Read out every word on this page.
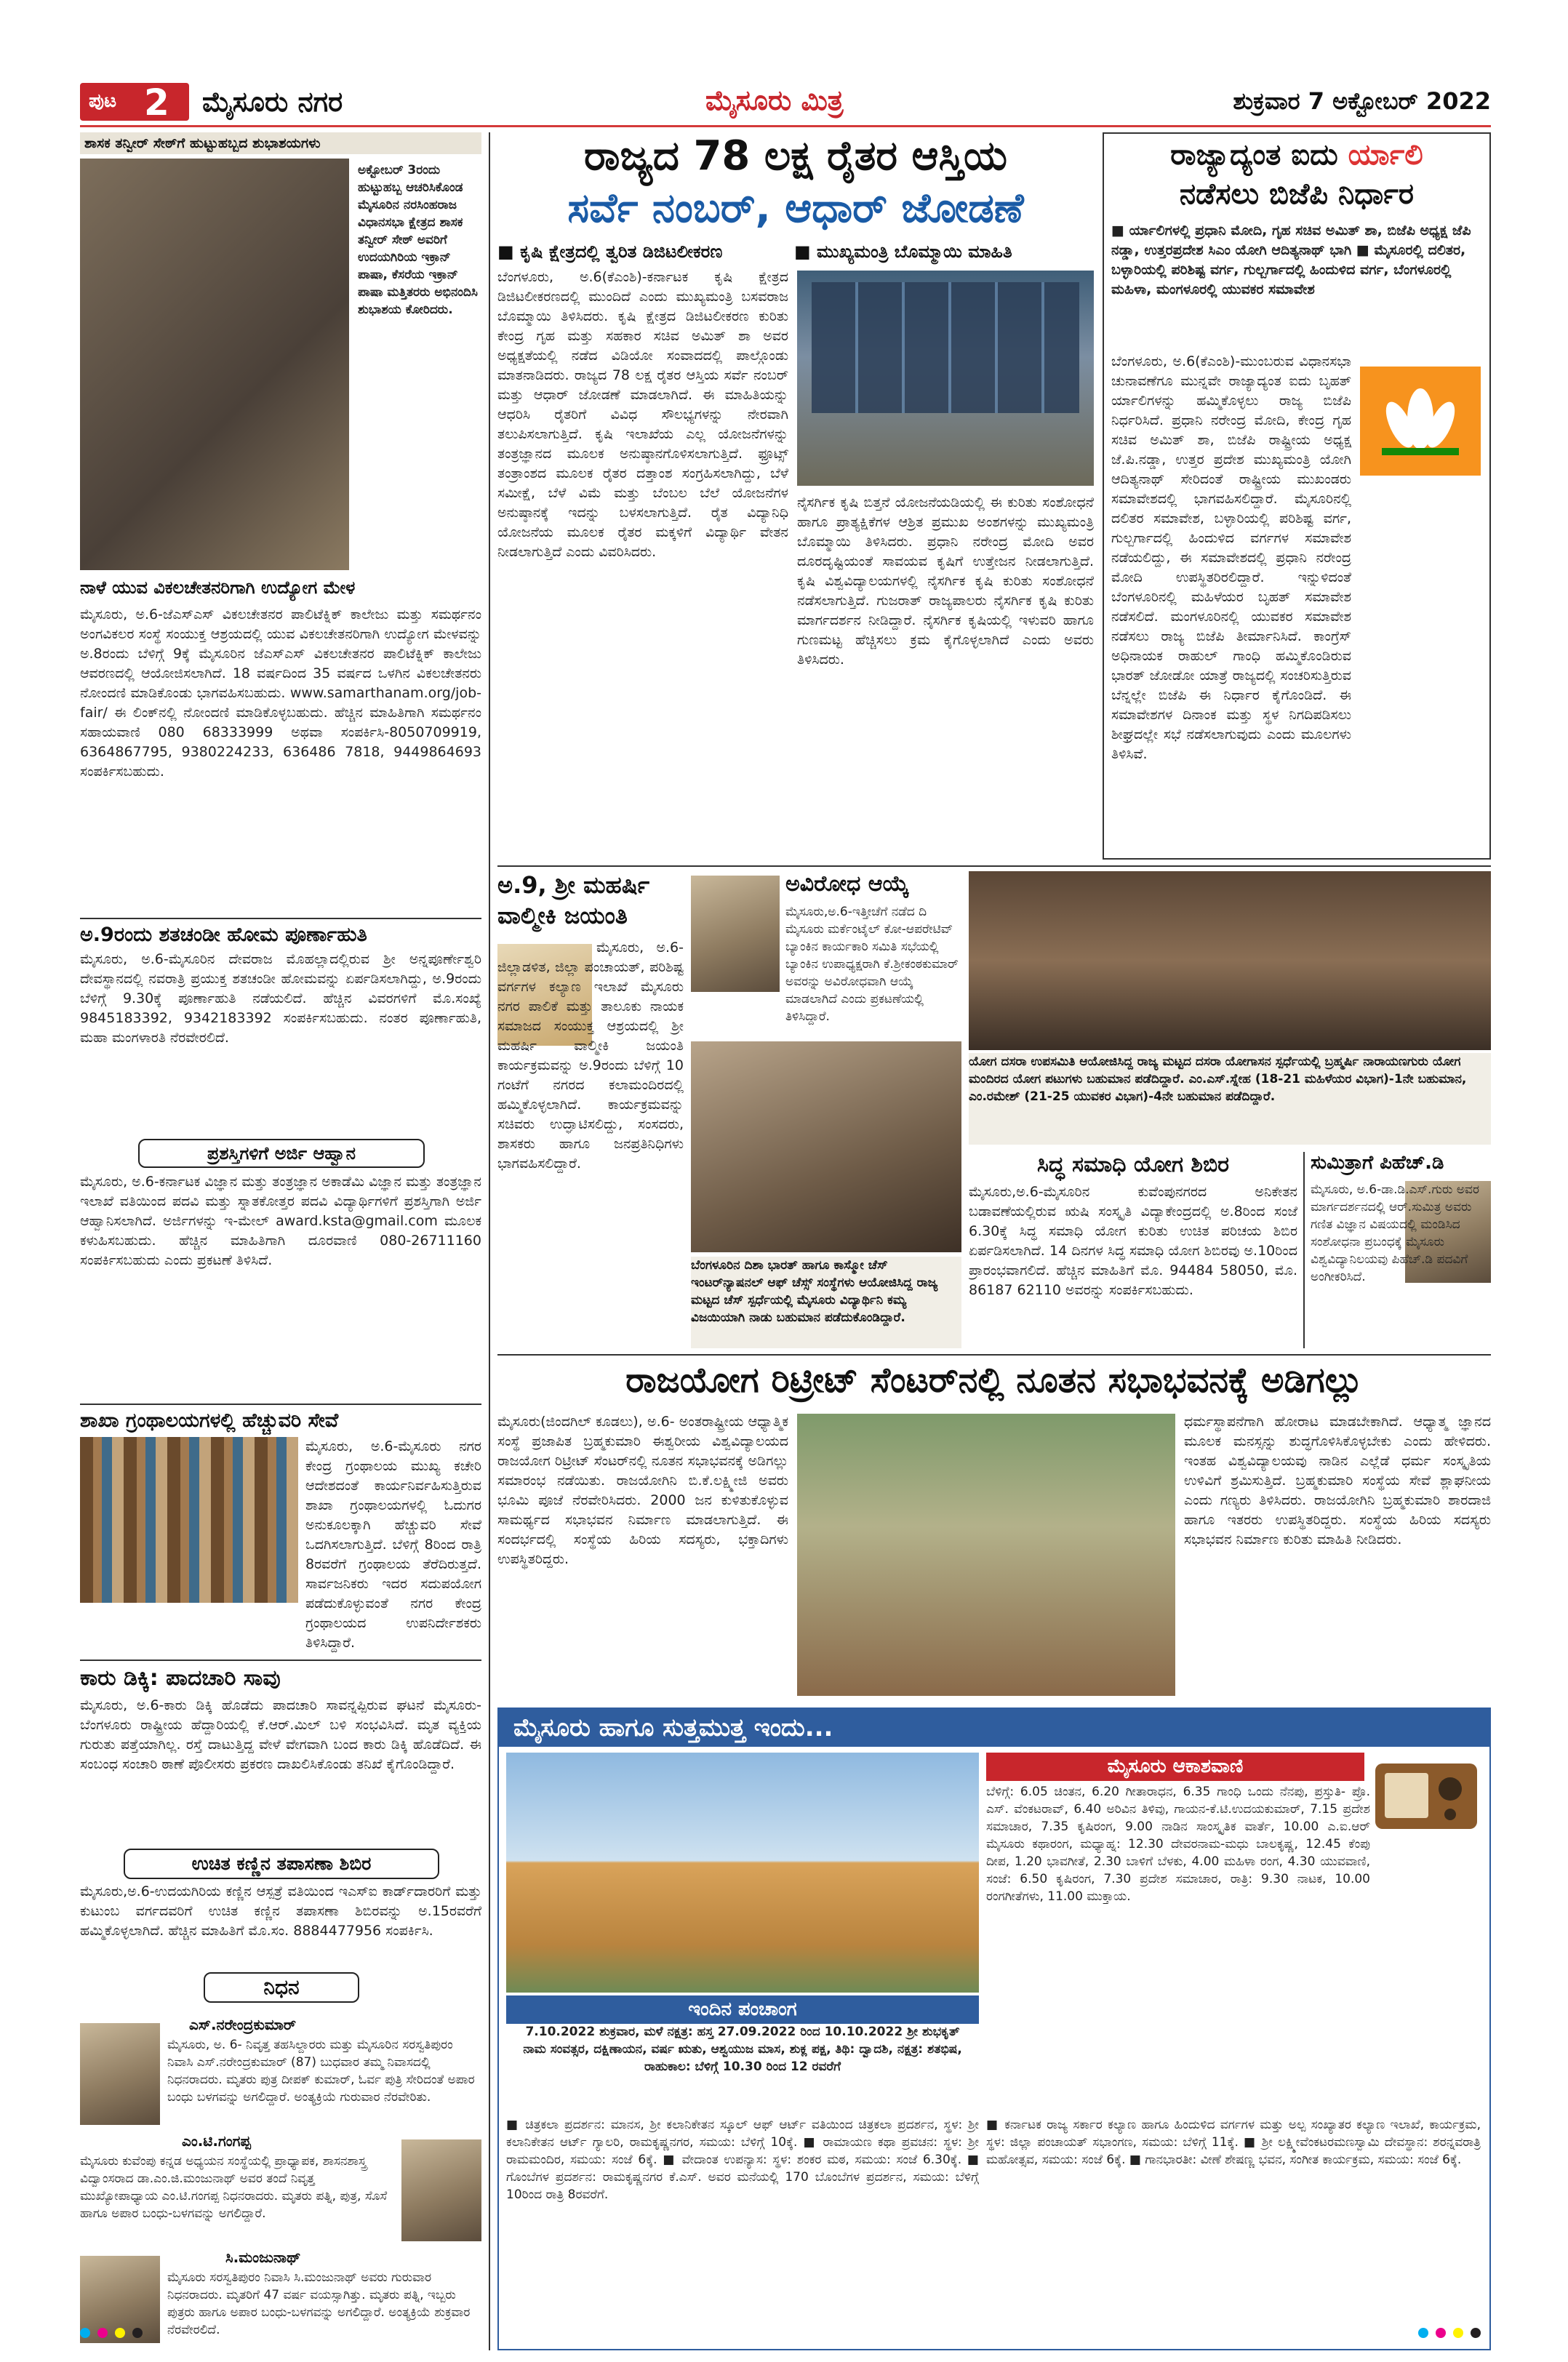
ಪುಟ 2 ಮೈಸೂರು ನಗರ	ಮೈಸೂರು ಮಿತ್ರ	ಶುಕ್ರವಾರ 7 ಅಕ್ಟೋಬರ್ 2022
ಶಾಸಕ ತನ್ವೀರ್ ಸೇಠ್‌ಗೆ ಹುಟ್ಟುಹಬ್ಬದ ಶುಭಾಶಯಗಳು
ಅಕ್ಟೋಬರ್ 3ರಂದು ಹುಟ್ಟುಹಬ್ಬ ಆಚರಿಸಿಕೊಂಡ ಮೈಸೂರಿನ ನರಸಿಂಹರಾಜ ವಿಧಾನಸಭಾ ಕ್ಷೇತ್ರದ ಶಾಸಕ ತನ್ವೀರ್ ಸೇಠ್ ಅವರಿಗೆ ಉದಯಗಿರಿಯ ಇಕ್ರಾನ್ ಪಾಷಾ, ಕೆಸರೆಯ ಇಕ್ರಾನ್ ಪಾಷಾ ಮತ್ತಿತರರು ಅಭಿನಂದಿಸಿ ಶುಭಾಶಯ ಕೋರಿದರು.
ನಾಳೆ ಯುವ ವಿಕಲಚೇತನರಿಗಾಗಿ ಉದ್ಯೋಗ ಮೇಳ
ಮೈಸೂರು, ಅ.6-ಜೆಎಸ್‌ಎಸ್ ವಿಕಲಚೇತನರ ಪಾಲಿಟೆಕ್ನಿಕ್ ಕಾಲೇಜು ಮತ್ತು ಸಮರ್ಥನಂ ಅಂಗವಿಕಲರ ಸಂಸ್ಥೆ ಸಂಯುಕ್ತ ಆಶ್ರಯದಲ್ಲಿ ಯುವ ವಿಕಲಚೇತನರಿಗಾಗಿ ಉದ್ಯೋಗ ಮೇಳವನ್ನು ಅ.8ರಂದು ಬೆಳಿಗ್ಗೆ 9ಕ್ಕೆ ಮೈಸೂರಿನ ಜೆಎಸ್‌ಎಸ್ ವಿಕಲಚೇತನರ ಪಾಲಿಟೆಕ್ನಿಕ್ ಕಾಲೇಜು ಆವರಣದಲ್ಲಿ ಆಯೋಜಿಸಲಾಗಿದೆ. 18 ವರ್ಷದಿಂದ 35 ವರ್ಷದ ಒಳಗಿನ ವಿಕಲಚೇತನರು ನೋಂದಣಿ ಮಾಡಿಕೊಂಡು ಭಾಗವಹಿಸಬಹುದು. www.samarthanam.org/job-fair/ ಈ ಲಿಂಕ್‌ನಲ್ಲಿ ನೋಂದಣಿ ಮಾಡಿಕೊಳ್ಳಬಹುದು. ಹೆಚ್ಚಿನ ಮಾಹಿತಿಗಾಗಿ ಸಮರ್ಥನಂ ಸಹಾಯವಾಣಿ 080 68333999 ಅಥವಾ ಸಂಪರ್ಕಿಸಿ-8050709919, 6364867795, 9380224233, 636486 7818, 9449864693 ಸಂಪರ್ಕಿಸಬಹುದು.
ಅ.9ರಂದು ಶತಚಂಡೀ ಹೋಮ ಪೂರ್ಣಾಹುತಿ
ಮೈಸೂರು, ಅ.6-ಮೈಸೂರಿನ ದೇವರಾಜ ಮೊಹಲ್ಲಾದಲ್ಲಿರುವ ಶ್ರೀ ಅನ್ನಪೂರ್ಣೇಶ್ವರಿ ದೇವಸ್ಥಾನದಲ್ಲಿ ನವರಾತ್ರಿ ಪ್ರಯುಕ್ತ ಶತಚಂಡೀ ಹೋಮವನ್ನು ಏರ್ಪಡಿಸಲಾಗಿದ್ದು, ಅ.9ರಂದು ಬೆಳಿಗ್ಗೆ 9.30ಕ್ಕೆ ಪೂರ್ಣಾಹುತಿ ನಡೆಯಲಿದೆ. ಹೆಚ್ಚಿನ ವಿವರಗಳಿಗೆ ಮೊ.ಸಂಖ್ಯೆ 9845183392, 9342183392 ಸಂಪರ್ಕಿಸಬಹುದು. ನಂತರ ಪೂರ್ಣಾಹುತಿ, ಮಹಾ ಮಂಗಳಾರತಿ ನೆರವೇರಲಿದೆ.
ಪ್ರಶಸ್ತಿಗಳಿಗೆ ಅರ್ಜಿ ಆಹ್ವಾನ
ಮೈಸೂರು, ಅ.6-ಕರ್ನಾಟಕ ವಿಜ್ಞಾನ ಮತ್ತು ತಂತ್ರಜ್ಞಾನ ಅಕಾಡೆಮಿ ವಿಜ್ಞಾನ ಮತ್ತು ತಂತ್ರಜ್ಞಾನ ಇಲಾಖೆ ವತಿಯಿಂದ ಪದವಿ ಮತ್ತು ಸ್ನಾತಕೋತ್ತರ ಪದವಿ ವಿದ್ಯಾರ್ಥಿಗಳಿಗೆ ಪ್ರಶಸ್ತಿಗಾಗಿ ಅರ್ಜಿ ಆಹ್ವಾನಿಸಲಾಗಿದೆ. ಅರ್ಜಿಗಳನ್ನು ಇ-ಮೇಲ್ award.ksta@gmail.com ಮೂಲಕ ಕಳುಹಿಸಬಹುದು. ಹೆಚ್ಚಿನ ಮಾಹಿತಿಗಾಗಿ ದೂರವಾಣಿ 080-26711160 ಸಂಪರ್ಕಿಸಬಹುದು ಎಂದು ಪ್ರಕಟಣೆ ತಿಳಿಸಿದೆ.
ಶಾಖಾ ಗ್ರಂಥಾಲಯಗಳಲ್ಲಿ ಹೆಚ್ಚುವರಿ ಸೇವೆ
ಮೈಸೂರು, ಅ.6-ಮೈಸೂರು ನಗರ ಕೇಂದ್ರ ಗ್ರಂಥಾಲಯ ಮುಖ್ಯ ಕಚೇರಿ ಆದೇಶದಂತೆ ಕಾರ್ಯನಿರ್ವಹಿಸುತ್ತಿರುವ ಶಾಖಾ ಗ್ರಂಥಾಲಯಗಳಲ್ಲಿ ಓದುಗರ ಅನುಕೂಲಕ್ಕಾಗಿ ಹೆಚ್ಚುವರಿ ಸೇವೆ ಒದಗಿಸಲಾಗುತ್ತಿದೆ. ಬೆಳಿಗ್ಗೆ 8ರಿಂದ ರಾತ್ರಿ 8ರವರೆಗೆ ಗ್ರಂಥಾಲಯ ತೆರೆದಿರುತ್ತದೆ. ಸಾರ್ವಜನಿಕರು ಇದರ ಸದುಪಯೋಗ ಪಡೆದುಕೊಳ್ಳುವಂತೆ ನಗರ ಕೇಂದ್ರ ಗ್ರಂಥಾಲಯದ ಉಪನಿರ್ದೇಶಕರು ತಿಳಿಸಿದ್ದಾರೆ.
ಕಾರು ಡಿಕ್ಕಿ: ಪಾದಚಾರಿ ಸಾವು
ಮೈಸೂರು, ಅ.6-ಕಾರು ಡಿಕ್ಕಿ ಹೊಡೆದು ಪಾದಚಾರಿ ಸಾವನ್ನಪ್ಪಿರುವ ಘಟನೆ ಮೈಸೂರು-ಬೆಂಗಳೂರು ರಾಷ್ಟ್ರೀಯ ಹೆದ್ದಾರಿಯಲ್ಲಿ ಕೆ.ಆರ್.ಮಿಲ್ ಬಳಿ ಸಂಭವಿಸಿದೆ. ಮೃತ ವ್ಯಕ್ತಿಯ ಗುರುತು ಪತ್ತೆಯಾಗಿಲ್ಲ. ರಸ್ತೆ ದಾಟುತ್ತಿದ್ದ ವೇಳೆ ವೇಗವಾಗಿ ಬಂದ ಕಾರು ಡಿಕ್ಕಿ ಹೊಡೆದಿದೆ. ಈ ಸಂಬಂಧ ಸಂಚಾರಿ ಠಾಣೆ ಪೊಲೀಸರು ಪ್ರಕರಣ ದಾಖಲಿಸಿಕೊಂಡು ತನಿಖೆ ಕೈಗೊಂಡಿದ್ದಾರೆ.
ಉಚಿತ ಕಣ್ಣಿನ ತಪಾಸಣಾ ಶಿಬಿರ
ಮೈಸೂರು,ಅ.6-ಉದಯಗಿರಿಯ ಕಣ್ಣಿನ ಆಸ್ಪತ್ರೆ ವತಿಯಿಂದ ಇಎಸ್‌ಐ ಕಾರ್ಡ್‌ದಾರರಿಗೆ ಮತ್ತು ಕುಟುಂಬ ವರ್ಗದವರಿಗೆ ಉಚಿತ ಕಣ್ಣಿನ ತಪಾಸಣಾ ಶಿಬಿರವನ್ನು ಅ.15ರವರೆಗೆ ಹಮ್ಮಿಕೊಳ್ಳಲಾಗಿದೆ. ಹೆಚ್ಚಿನ ಮಾಹಿತಿಗೆ ಮೊ.ಸಂ. 8884477956 ಸಂಪರ್ಕಿಸಿ.
ನಿಧನ
ಎಸ್.ನರೇಂದ್ರಕುಮಾರ್
ಮೈಸೂರು, ಅ. 6- ನಿವೃತ್ತ ತಹಸಿಲ್ದಾರರು ಮತ್ತು ಮೈಸೂರಿನ ಸರಸ್ವತಿಪುರಂ ನಿವಾಸಿ ಎಸ್.ನರೇಂದ್ರಕುಮಾರ್ (87) ಬುಧವಾರ ತಮ್ಮ ನಿವಾಸದಲ್ಲಿ ನಿಧನರಾದರು. ಮೃತರು ಪುತ್ರ ದೀಪಕ್ ಕುಮಾರ್, ಓರ್ವ ಪುತ್ರಿ ಸೇರಿದಂತೆ ಅಪಾರ ಬಂಧು ಬಳಗವನ್ನು ಅಗಲಿದ್ದಾರೆ. ಅಂತ್ಯಕ್ರಿಯೆ ಗುರುವಾರ ನೆರವೇರಿತು.
ಎಂ.ಟಿ.ಗಂಗಪ್ಪ
ಮೈಸೂರು ಕುವೆಂಪು ಕನ್ನಡ ಅಧ್ಯಯನ ಸಂಸ್ಥೆಯಲ್ಲಿ ಪ್ರಾಧ್ಯಾಪಕ, ಶಾಸನಶಾಸ್ತ್ರ ವಿದ್ವಾಂಸರಾದ ಡಾ.ಎಂ.ಜಿ.ಮಂಜುನಾಥ್ ಅವರ ತಂದೆ ನಿವೃತ್ತ ಮುಖ್ಯೋಪಾಧ್ಯಾಯ ಎಂ.ಟಿ.ಗಂಗಪ್ಪ ನಿಧನರಾದರು. ಮೃತರು ಪತ್ನಿ, ಪುತ್ರ, ಸೊಸೆ ಹಾಗೂ ಅಪಾರ ಬಂಧು-ಬಳಗವನ್ನು ಅಗಲಿದ್ದಾರೆ.
ಸಿ.ಮಂಜುನಾಥ್
ಮೈಸೂರು ಸರಸ್ವತಿಪುರಂ ನಿವಾಸಿ ಸಿ.ಮಂಜುನಾಥ್ ಅವರು ಗುರುವಾರ ನಿಧನರಾದರು. ಮೃತರಿಗೆ 47 ವರ್ಷ ವಯಸ್ಸಾಗಿತ್ತು. ಮೃತರು ಪತ್ನಿ, ಇಬ್ಬರು ಪುತ್ರರು ಹಾಗೂ ಅಪಾರ ಬಂಧು-ಬಳಗವನ್ನು ಅಗಲಿದ್ದಾರೆ. ಅಂತ್ಯಕ್ರಿಯೆ ಶುಕ್ರವಾರ ನೆರವೇರಲಿದೆ.
ರಾಜ್ಯದ 78 ಲಕ್ಷ ರೈತರ ಆಸ್ತಿಯ
ಸರ್ವೆ ನಂಬರ್, ಆಧಾರ್ ಜೋಡಣೆ
■ ಕೃಷಿ ಕ್ಷೇತ್ರದಲ್ಲಿ ತ್ವರಿತ ಡಿಜಿಟಲೀಕರಣ	■ ಮುಖ್ಯಮಂತ್ರಿ ಬೊಮ್ಮಾಯಿ ಮಾಹಿತಿ
ಬೆಂಗಳೂರು, ಅ.6(ಕೆಎಂಶಿ)-ಕರ್ನಾಟಕ ಕೃಷಿ ಕ್ಷೇತ್ರದ ಡಿಜಿಟಲೀಕರಣದಲ್ಲಿ ಮುಂದಿದೆ ಎಂದು ಮುಖ್ಯಮಂತ್ರಿ ಬಸವರಾಜ ಬೊಮ್ಮಾಯಿ ತಿಳಿಸಿದರು. ಕೃಷಿ ಕ್ಷೇತ್ರದ ಡಿಜಿಟಲೀಕರಣ ಕುರಿತು ಕೇಂದ್ರ ಗೃಹ ಮತ್ತು ಸಹಕಾರ ಸಚಿವ ಅಮಿತ್ ಶಾ ಅವರ ಅಧ್ಯಕ್ಷತೆಯಲ್ಲಿ ನಡೆದ ವಿಡಿಯೋ ಸಂವಾದದಲ್ಲಿ ಪಾಲ್ಗೊಂಡು ಮಾತನಾಡಿದರು. ರಾಜ್ಯದ 78 ಲಕ್ಷ ರೈತರ ಆಸ್ತಿಯ ಸರ್ವೆ ನಂಬರ್ ಮತ್ತು ಆಧಾರ್ ಜೋಡಣೆ ಮಾಡಲಾಗಿದೆ. ಈ ಮಾಹಿತಿಯನ್ನು ಆಧರಿಸಿ ರೈತರಿಗೆ ವಿವಿಧ ಸೌಲಭ್ಯಗಳನ್ನು ನೇರವಾಗಿ ತಲುಪಿಸಲಾಗುತ್ತಿದೆ. ಕೃಷಿ ಇಲಾಖೆಯ ಎಲ್ಲ ಯೋಜನೆಗಳನ್ನು ತಂತ್ರಜ್ಞಾನದ ಮೂಲಕ ಅನುಷ್ಠಾನಗೊಳಿಸಲಾಗುತ್ತಿದೆ. ಫ್ರೂಟ್ಸ್ ತಂತ್ರಾಂಶದ ಮೂಲಕ ರೈತರ ದತ್ತಾಂಶ ಸಂಗ್ರಹಿಸಲಾಗಿದ್ದು, ಬೆಳೆ ಸಮೀಕ್ಷೆ, ಬೆಳೆ ವಿಮೆ ಮತ್ತು ಬೆಂಬಲ ಬೆಲೆ ಯೋಜನೆಗಳ ಅನುಷ್ಠಾನಕ್ಕೆ ಇದನ್ನು ಬಳಸಲಾಗುತ್ತಿದೆ. ರೈತ ವಿದ್ಯಾನಿಧಿ ಯೋಜನೆಯ ಮೂಲಕ ರೈತರ ಮಕ್ಕಳಿಗೆ ವಿದ್ಯಾರ್ಥಿ ವೇತನ ನೀಡಲಾಗುತ್ತಿದೆ ಎಂದು ವಿವರಿಸಿದರು.
ನೈಸರ್ಗಿಕ ಕೃಷಿ ಬಿತ್ತನೆ ಯೋಜನೆಯಡಿಯಲ್ಲಿ ಈ ಕುರಿತು ಸಂಶೋಧನೆ ಹಾಗೂ ಪ್ರಾತ್ಯಕ್ಷಿಕೆಗಳ ಆಶ್ರಿತ ಪ್ರಮುಖ ಅಂಶಗಳನ್ನು ಮುಖ್ಯಮಂತ್ರಿ ಬೊಮ್ಮಾಯಿ ತಿಳಿಸಿದರು. ಪ್ರಧಾನಿ ನರೇಂದ್ರ ಮೋದಿ ಅವರ ದೂರದೃಷ್ಟಿಯಂತೆ ಸಾವಯವ ಕೃಷಿಗೆ ಉತ್ತೇಜನ ನೀಡಲಾಗುತ್ತಿದೆ. ಕೃಷಿ ವಿಶ್ವವಿದ್ಯಾಲಯಗಳಲ್ಲಿ ನೈಸರ್ಗಿಕ ಕೃಷಿ ಕುರಿತು ಸಂಶೋಧನೆ ನಡೆಸಲಾಗುತ್ತಿದೆ. ಗುಜರಾತ್ ರಾಜ್ಯಪಾಲರು ನೈಸರ್ಗಿಕ ಕೃಷಿ ಕುರಿತು ಮಾರ್ಗದರ್ಶನ ನೀಡಿದ್ದಾರೆ. ನೈಸರ್ಗಿಕ ಕೃಷಿಯಲ್ಲಿ ಇಳುವರಿ ಹಾಗೂ ಗುಣಮಟ್ಟ ಹೆಚ್ಚಿಸಲು ಕ್ರಮ ಕೈಗೊಳ್ಳಲಾಗಿದೆ ಎಂದು ಅವರು ತಿಳಿಸಿದರು.
ರಾಜ್ಯಾದ್ಯಂತ ಐದು ರ್ಯಾಲಿ
ನಡೆಸಲು ಬಿಜೆಪಿ ನಿರ್ಧಾರ
■ ರ್ಯಾಲಿಗಳಲ್ಲಿ ಪ್ರಧಾನಿ ಮೋದಿ, ಗೃಹ ಸಚಿವ ಅಮಿತ್ ಶಾ, ಬಿಜೆಪಿ ಅಧ್ಯಕ್ಷ ಜೆಪಿ ನಡ್ಡಾ, ಉತ್ತರಪ್ರದೇಶ ಸಿಎಂ ಯೋಗಿ ಆದಿತ್ಯನಾಥ್ ಭಾಗಿ ■ ಮೈಸೂರಲ್ಲಿ ದಲಿತರ, ಬಳ್ಳಾರಿಯಲ್ಲಿ ಪರಿಶಿಷ್ಟ ವರ್ಗ, ಗುಲ್ಬರ್ಗಾದಲ್ಲಿ ಹಿಂದುಳಿದ ವರ್ಗ, ಬೆಂಗಳೂರಲ್ಲಿ ಮಹಿಳಾ, ಮಂಗಳೂರಲ್ಲಿ ಯುವಕರ ಸಮಾವೇಶ
ಬೆಂಗಳೂರು, ಅ.6(ಕೆಎಂಶಿ)-ಮುಂಬರುವ ವಿಧಾನಸಭಾ ಚುನಾವಣೆಗೂ ಮುನ್ನವೇ ರಾಜ್ಯಾದ್ಯಂತ ಐದು ಬೃಹತ್ ರ್ಯಾಲಿಗಳನ್ನು ಹಮ್ಮಿಕೊಳ್ಳಲು ರಾಜ್ಯ ಬಿಜೆಪಿ ನಿರ್ಧರಿಸಿದೆ. ಪ್ರಧಾನಿ ನರೇಂದ್ರ ಮೋದಿ, ಕೇಂದ್ರ ಗೃಹ ಸಚಿವ ಅಮಿತ್ ಶಾ, ಬಿಜೆಪಿ ರಾಷ್ಟ್ರೀಯ ಅಧ್ಯಕ್ಷ ಜೆ.ಪಿ.ನಡ್ಡಾ, ಉತ್ತರ ಪ್ರದೇಶ ಮುಖ್ಯಮಂತ್ರಿ ಯೋಗಿ ಆದಿತ್ಯನಾಥ್ ಸೇರಿದಂತೆ ರಾಷ್ಟ್ರೀಯ ಮುಖಂಡರು ಸಮಾವೇಶದಲ್ಲಿ ಭಾಗವಹಿಸಲಿದ್ದಾರೆ. ಮೈಸೂರಿನಲ್ಲಿ ದಲಿತರ ಸಮಾವೇಶ, ಬಳ್ಳಾರಿಯಲ್ಲಿ ಪರಿಶಿಷ್ಟ ವರ್ಗ, ಗುಲ್ಬರ್ಗಾದಲ್ಲಿ ಹಿಂದುಳಿದ ವರ್ಗಗಳ ಸಮಾವೇಶ ನಡೆಯಲಿದ್ದು, ಈ ಸಮಾವೇಶದಲ್ಲಿ ಪ್ರಧಾನಿ ನರೇಂದ್ರ ಮೋದಿ ಉಪಸ್ಥಿತರಿರಲಿದ್ದಾರೆ. ಇನ್ನುಳಿದಂತೆ ಬೆಂಗಳೂರಿನಲ್ಲಿ ಮಹಿಳೆಯರ ಬೃಹತ್ ಸಮಾವೇಶ ನಡೆಸಲಿದೆ. ಮಂಗಳೂರಿನಲ್ಲಿ ಯುವಕರ ಸಮಾವೇಶ ನಡೆಸಲು ರಾಜ್ಯ ಬಿಜೆಪಿ ತೀರ್ಮಾನಿಸಿದೆ. ಕಾಂಗ್ರೆಸ್ ಅಧಿನಾಯಕ ರಾಹುಲ್ ಗಾಂಧಿ ಹಮ್ಮಿಕೊಂಡಿರುವ ಭಾರತ್ ಜೋಡೋ ಯಾತ್ರೆ ರಾಜ್ಯದಲ್ಲಿ ಸಂಚರಿಸುತ್ತಿರುವ ಬೆನ್ನಲ್ಲೇ ಬಿಜೆಪಿ ಈ ನಿರ್ಧಾರ ಕೈಗೊಂಡಿದೆ. ಈ ಸಮಾವೇಶಗಳ ದಿನಾಂಕ ಮತ್ತು ಸ್ಥಳ ನಿಗದಿಪಡಿಸಲು ಶೀಘ್ರದಲ್ಲೇ ಸಭೆ ನಡೆಸಲಾಗುವುದು ಎಂದು ಮೂಲಗಳು ತಿಳಿಸಿವೆ.
ಅ.9, ಶ್ರೀ ಮಹರ್ಷಿ
ವಾಲ್ಮೀಕಿ ಜಯಂತಿ
ಮೈಸೂರು, ಅ.6-ಜಿಲ್ಲಾಡಳಿತ, ಜಿಲ್ಲಾ ಪಂಚಾಯತ್, ಪರಿಶಿಷ್ಟ ವರ್ಗಗಳ ಕಲ್ಯಾಣ ಇಲಾಖೆ ಮೈಸೂರು ನಗರ ಪಾಲಿಕೆ ಮತ್ತು ತಾಲೂಕು ನಾಯಕ ಸಮಾಜದ ಸಂಯುಕ್ತ ಆಶ್ರಯದಲ್ಲಿ ಶ್ರೀ ಮಹರ್ಷಿ ವಾಲ್ಮೀಕಿ ಜಯಂತಿ ಕಾರ್ಯಕ್ರಮವನ್ನು ಅ.9ರಂದು ಬೆಳಿಗ್ಗೆ 10 ಗಂಟೆಗೆ ನಗರದ ಕಲಾಮಂದಿರದಲ್ಲಿ ಹಮ್ಮಿಕೊಳ್ಳಲಾಗಿದೆ. ಕಾರ್ಯಕ್ರಮವನ್ನು ಸಚಿವರು ಉದ್ಘಾಟಿಸಲಿದ್ದು, ಸಂಸದರು, ಶಾಸಕರು ಹಾಗೂ ಜನಪ್ರತಿನಿಧಿಗಳು ಭಾಗವಹಿಸಲಿದ್ದಾರೆ.
ಅವಿರೋಧ ಆಯ್ಕೆ
ಮೈಸೂರು,ಅ.6-ಇತ್ತೀಚೆಗೆ ನಡೆದ ದಿ ಮೈಸೂರು ಮರ್ಕೆಂಟೈಲ್ ಕೋ-ಆಪರೇಟಿವ್ ಬ್ಯಾಂಕಿನ ಕಾರ್ಯಕಾರಿ ಸಮಿತಿ ಸಭೆಯಲ್ಲಿ ಬ್ಯಾಂಕಿನ ಉಪಾಧ್ಯಕ್ಷರಾಗಿ ಕೆ.ಶ್ರೀಕಂಠಕುಮಾರ್ ಅವರನ್ನು ಅವಿರೋಧವಾಗಿ ಆಯ್ಕೆ ಮಾಡಲಾಗಿದೆ ಎಂದು ಪ್ರಕಟಣೆಯಲ್ಲಿ ತಿಳಿಸಿದ್ದಾರೆ.
ಬೆಂಗಳೂರಿನ ದಿಶಾ ಭಾರತ್ ಹಾಗೂ ಕಾಸ್ಮೋ ಚೆಸ್ ಇಂಟರ್‌ನ್ಯಾಷನಲ್ ಆಫ್ ಚೆಸ್ಸ್ ಸಂಸ್ಥೆಗಳು ಆಯೋಜಿಸಿದ್ದ ರಾಜ್ಯ ಮಟ್ಟದ ಚೆಸ್ ಸ್ಪರ್ಧೆಯಲ್ಲಿ ಮೈಸೂರು ವಿದ್ಯಾರ್ಥಿನಿ ಕಮ್ಯ ವಿಜಯಿಯಾಗಿ ನಾಡು ಬಹುಮಾನ ಪಡೆದುಕೊಂಡಿದ್ದಾರೆ.
ಯೋಗ ದಸರಾ ಉಪಸಮಿತಿ ಆಯೋಜಿಸಿದ್ದ ರಾಜ್ಯ ಮಟ್ಟದ ದಸರಾ ಯೋಗಾಸನ ಸ್ಪರ್ಧೆಯಲ್ಲಿ ಬ್ರಹ್ಮರ್ಷಿ ನಾರಾಯಣಗುರು ಯೋಗ ಮಂದಿರದ ಯೋಗ ಪಟುಗಳು ಬಹುಮಾನ ಪಡೆದಿದ್ದಾರೆ. ಎಂ.ಎಸ್.ಸ್ನೇಹ (18-21 ಮಹಿಳೆಯರ ವಿಭಾಗ)-1ನೇ ಬಹುಮಾನ, ಎಂ.ರಮೇಶ್ (21-25 ಯುವಕರ ವಿಭಾಗ)-4ನೇ ಬಹುಮಾನ ಪಡೆದಿದ್ದಾರೆ.
ಸಿದ್ಧ ಸಮಾಧಿ ಯೋಗ ಶಿಬಿರ
ಮೈಸೂರು,ಅ.6-ಮೈಸೂರಿನ ಕುವೆಂಪುನಗರದ ಅನಿಕೇತನ ಬಡಾವಣೆಯಲ್ಲಿರುವ ಋಷಿ ಸಂಸ್ಕೃತಿ ವಿದ್ಯಾಕೇಂದ್ರದಲ್ಲಿ ಅ.8ರಿಂದ ಸಂಜೆ 6.30ಕ್ಕೆ ಸಿದ್ಧ ಸಮಾಧಿ ಯೋಗ ಕುರಿತು ಉಚಿತ ಪರಿಚಯ ಶಿಬಿರ ಏರ್ಪಡಿಸಲಾಗಿದೆ. 14 ದಿನಗಳ ಸಿದ್ಧ ಸಮಾಧಿ ಯೋಗ ಶಿಬಿರವು ಅ.10ರಿಂದ ಪ್ರಾರಂಭವಾಗಲಿದೆ. ಹೆಚ್ಚಿನ ಮಾಹಿತಿಗೆ ಮೊ. 94484 58050, ಮೊ. 86187 62110 ಅವರನ್ನು ಸಂಪರ್ಕಿಸಬಹುದು.
ಸುಮಿತ್ರಾಗೆ ಪಿಹೆಚ್.ಡಿ
ಮೈಸೂರು, ಅ.6-ಡಾ.ಡಿ.ಎಸ್.ಗುರು ಅವರ ಮಾರ್ಗದರ್ಶನದಲ್ಲಿ ಆರ್.ಸುಮಿತ್ರ ಅವರು ಗಣಿತ ವಿಜ್ಞಾನ ವಿಷಯದಲ್ಲಿ ಮಂಡಿಸಿದ ಸಂಶೋಧನಾ ಪ್ರಬಂಧಕ್ಕೆ ಮೈಸೂರು ವಿಶ್ವವಿದ್ಯಾನಿಲಯವು ಪಿಹೆಚ್.ಡಿ ಪದವಿಗೆ ಅಂಗೀಕರಿಸಿದೆ.
ರಾಜಯೋಗ ರಿಟ್ರೀಟ್ ಸೆಂಟರ್‌ನಲ್ಲಿ ನೂತನ ಸಭಾಭವನಕ್ಕೆ ಅಡಿಗಲ್ಲು
ಮೈಸೂರು(ಜಿಂದಗಿಲ್ ಕೂಡಲು), ಅ.6- ಅಂತರಾಷ್ಟ್ರೀಯ ಆಧ್ಯಾತ್ಮಿಕ ಸಂಸ್ಥೆ ಪ್ರಜಾಪಿತ ಬ್ರಹ್ಮಕುಮಾರಿ ಈಶ್ವರೀಯ ವಿಶ್ವವಿದ್ಯಾಲಯದ ರಾಜಯೋಗ ರಿಟ್ರೀಟ್ ಸೆಂಟರ್‌ನಲ್ಲಿ ನೂತನ ಸಭಾಭವನಕ್ಕೆ ಅಡಿಗಲ್ಲು ಸಮಾರಂಭ ನಡೆಯಿತು. ರಾಜಯೋಗಿನಿ ಬಿ.ಕೆ.ಲಕ್ಷ್ಮೀಜಿ ಅವರು ಭೂಮಿ ಪೂಜೆ ನೆರವೇರಿಸಿದರು. 2000 ಜನ ಕುಳಿತುಕೊಳ್ಳುವ ಸಾಮರ್ಥ್ಯದ ಸಭಾಭವನ ನಿರ್ಮಾಣ ಮಾಡಲಾಗುತ್ತಿದೆ. ಈ ಸಂದರ್ಭದಲ್ಲಿ ಸಂಸ್ಥೆಯ ಹಿರಿಯ ಸದಸ್ಯರು, ಭಕ್ತಾದಿಗಳು ಉಪಸ್ಥಿತರಿದ್ದರು.
ಧರ್ಮಸ್ಥಾಪನೆಗಾಗಿ ಹೋರಾಟ ಮಾಡಬೇಕಾಗಿದೆ. ಆಧ್ಯಾತ್ಮ ಜ್ಞಾನದ ಮೂಲಕ ಮನಸ್ಸನ್ನು ಶುದ್ಧಗೊಳಿಸಿಕೊಳ್ಳಬೇಕು ಎಂದು ಹೇಳಿದರು. ಇಂತಹ ವಿಶ್ವವಿದ್ಯಾಲಯವು ನಾಡಿನ ಎಲ್ಲೆಡೆ ಧರ್ಮ ಸಂಸ್ಕೃತಿಯ ಉಳಿವಿಗೆ ಶ್ರಮಿಸುತ್ತಿದೆ. ಬ್ರಹ್ಮಕುಮಾರಿ ಸಂಸ್ಥೆಯ ಸೇವೆ ಶ್ಲಾಘನೀಯ ಎಂದು ಗಣ್ಯರು ತಿಳಿಸಿದರು. ರಾಜಯೋಗಿನಿ ಬ್ರಹ್ಮಕುಮಾರಿ ಶಾರದಾಜಿ ಹಾಗೂ ಇತರರು ಉಪಸ್ಥಿತರಿದ್ದರು. ಸಂಸ್ಥೆಯ ಹಿರಿಯ ಸದಸ್ಯರು ಸಭಾಭವನ ನಿರ್ಮಾಣ ಕುರಿತು ಮಾಹಿತಿ ನೀಡಿದರು.
ಮೈಸೂರು ಹಾಗೂ ಸುತ್ತಮುತ್ತ ಇಂದು...
ಇಂದಿನ ಪಂಚಾಂಗ
7.10.2022 ಶುಕ್ರವಾರ, ಮಳೆ ನಕ್ಷತ್ರ: ಹಸ್ತ 27.09.2022 ರಿಂದ 10.10.2022 ಶ್ರೀ ಶುಭಕೃತ್ ನಾಮ ಸಂವತ್ಸರ, ದಕ್ಷಿಣಾಯನ, ವರ್ಷ ಋತು, ಆಶ್ವಯುಜ ಮಾಸ, ಶುಕ್ಲ ಪಕ್ಷ, ತಿಥಿ: ದ್ವಾದಶಿ, ನಕ್ಷತ್ರ: ಶತಭಿಷ, ರಾಹುಕಾಲ: ಬೆಳಿಗ್ಗೆ 10.30 ರಿಂದ 12 ರವರೆಗೆ
ಮೈಸೂರು ಆಕಾಶವಾಣಿ
ಬೆಳಿಗ್ಗೆ: 6.05 ಚಿಂತನ, 6.20 ಗೀತಾರಾಧನ, 6.35 ಗಾಂಧಿ ಒಂದು ನೆನಪು, ಪ್ರಸ್ತುತಿ- ಪ್ರೊ. ಎಸ್. ವೆಂಕಟರಾವ್, 6.40 ಅರಿವಿನ ತಿಳಿವು, ಗಾಯನ-ಕೆ.ಟಿ.ಉದಯಕುಮಾರ್, 7.15 ಪ್ರದೇಶ ಸಮಾಚಾರ, 7.35 ಕೃಷಿರಂಗ, 9.00 ನಾಡಿನ ಸಾಂಸ್ಕೃತಿಕ ವಾರ್ತೆ, 10.00 ಎ.ಐ.ಆರ್ ಮೈಸೂರು ಕಥಾರಂಗ, ಮಧ್ಯಾಹ್ನ: 12.30 ದೇವರನಾಮ-ಮಧು ಬಾಲಕೃಷ್ಣ, 12.45 ಕೆಂಪು ದೀಪ, 1.20 ಭಾವಗೀತೆ, 2.30 ಬಾಳಿಗೆ ಬೆಳಕು, 4.00 ಮಹಿಳಾ ರಂಗ, 4.30 ಯುವವಾಣಿ, ಸಂಜೆ: 6.50 ಕೃಷಿರಂಗ, 7.30 ಪ್ರದೇಶ ಸಮಾಚಾರ, ರಾತ್ರಿ: 9.30 ನಾಟಕ, 10.00 ರಂಗಗೀತೆಗಳು, 11.00 ಮುಕ್ತಾಯ.
■ ಚಿತ್ರಕಲಾ ಪ್ರದರ್ಶನ: ಮಾನಸ, ಶ್ರೀ ಕಲಾನಿಕೇತನ ಸ್ಕೂಲ್ ಆಫ್ ಆರ್ಟ್ ವತಿಯಿಂದ ಚಿತ್ರಕಲಾ ಪ್ರದರ್ಶನ, ಸ್ಥಳ: ಶ್ರೀ ಕಲಾನಿಕೇತನ ಆರ್ಟ್ ಗ್ಯಾಲರಿ, ರಾಮಕೃಷ್ಣನಗರ, ಸಮಯ: ಬೆಳಿಗ್ಗೆ 10ಕ್ಕೆ. ■ ರಾಮಾಯಣ ಕಥಾ ಪ್ರವಚನ: ಸ್ಥಳ: ಶ್ರೀ ರಾಮಮಂದಿರ, ಸಮಯ: ಸಂಜೆ 6ಕ್ಕೆ. ■ ವೇದಾಂತ ಉಪನ್ಯಾಸ: ಸ್ಥಳ: ಶಂಕರ ಮಠ, ಸಮಯ: ಸಂಜೆ 6.30ಕ್ಕೆ. ■ ಗೊಂಬೆಗಳ ಪ್ರದರ್ಶನ: ರಾಮಕೃಷ್ಣನಗರ ಕೆ.ಎಸ್. ಅವರ ಮನೆಯಲ್ಲಿ 170 ಬೊಂಬೆಗಳ ಪ್ರದರ್ಶನ, ಸಮಯ: ಬೆಳಿಗ್ಗೆ 10ರಿಂದ ರಾತ್ರಿ 8ರವರೆಗೆ.
■ ಕರ್ನಾಟಕ ರಾಜ್ಯ ಸರ್ಕಾರ ಕಲ್ಯಾಣ ಹಾಗೂ ಹಿಂದುಳಿದ ವರ್ಗಗಳ ಮತ್ತು ಅಲ್ಪ ಸಂಖ್ಯಾತರ ಕಲ್ಯಾಣ ಇಲಾಖೆ, ಕಾರ್ಯಕ್ರಮ, ಸ್ಥಳ: ಜಿಲ್ಲಾ ಪಂಚಾಯತ್ ಸಭಾಂಗಣ, ಸಮಯ: ಬೆಳಿಗ್ಗೆ 11ಕ್ಕೆ. ■ ಶ್ರೀ ಲಕ್ಷ್ಮೀವೆಂಕಟರಮಣಸ್ವಾಮಿ ದೇವಸ್ಥಾನ: ಶರನ್ನವರಾತ್ರಿ ಮಹೋತ್ಸವ, ಸಮಯ: ಸಂಜೆ 6ಕ್ಕೆ. ■ ಗಾನಭಾರತೀ: ವೀಣೆ ಶೇಷಣ್ಣ ಭವನ, ಸಂಗೀತ ಕಾರ್ಯಕ್ರಮ, ಸಮಯ: ಸಂಜೆ 6ಕ್ಕೆ.
